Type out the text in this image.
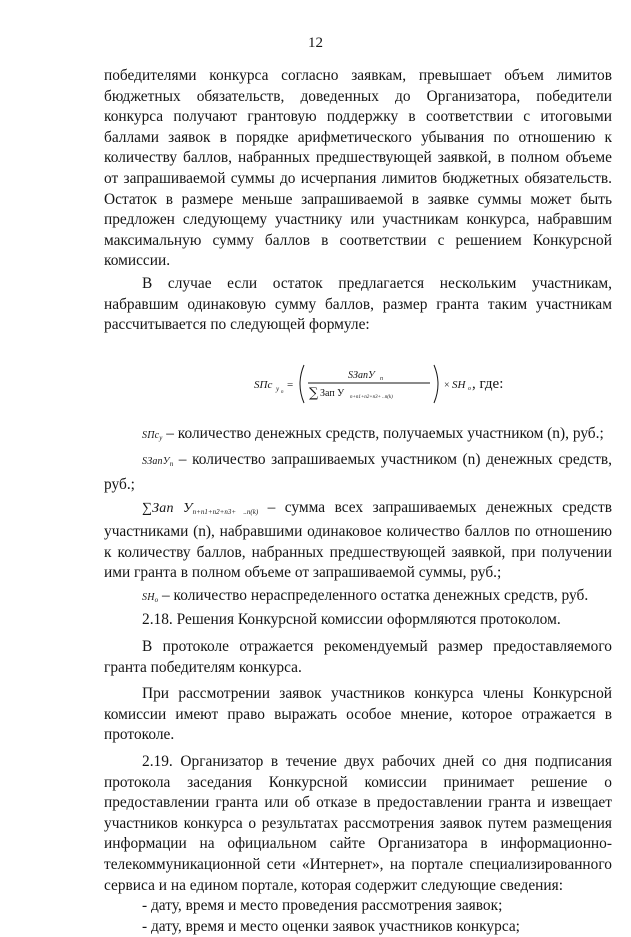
12

победителями конкурса согласно заявкам, превышает объем лимитов бюджетных обязательств, доведенных до Организатора, победители конкурса получают грантовую поддержку в соответствии с итоговыми баллами заявок в порядке арифметического убывания по отношению к количеству баллов, набранных предшествующей заявкой, в полном объеме от запрашиваемой суммы до исчерпания лимитов бюджетных обязательств. Остаток в размере меньше запрашиваемой в заявке суммы может быть предложен следующему участнику или участникам конкурса, набравшим максимальную сумму баллов в соответствии с решением Конкурсной комиссии.

В случае если остаток предлагается нескольким участникам, набравшим одинаковую сумму баллов, размер гранта таким участникам рассчитывается по следующей формуле:

SПс у n
=
SЗапУ n
∑ Зап У n+n1+n2+n3+ ..n(k)
× SН о , где:

SПс$_у$ – количество денежных средств, получаемых участником (n), руб.;

SЗапУ$_n$ – количество запрашиваемых участником (n) денежных средств, руб.;

∑Зап $У_{n+n1+n2+n3+ ..n(k)}$ – сумма всех запрашиваемых денежных средств участниками (n), набравшими одинаковое количество баллов по отношению к количеству баллов, набранных предшествующей заявкой, при получении ими гранта в полном объеме от запрашиваемой суммы, руб.;

$SН_о$ – количество нераспределенного остатка денежных средств, руб.

2.18. Решения Конкурсной комиссии оформляются протоколом.

В протоколе отражается рекомендуемый размер предоставляемого гранта победителям конкурса.

При рассмотрении заявок участников конкурса члены Конкурсной комиссии имеют право выражать особое мнение, которое отражается в протоколе.

2.19. Организатор в течение двух рабочих дней со дня подписания протокола заседания Конкурсной комиссии принимает решение о предоставлении гранта или об отказе в предоставлении гранта и извещает участников конкурса о результатах рассмотрения заявок путем размещения информации на официальном сайте Организатора в информационно-телекоммуникационной сети «Интернет», на портале специализированного сервиса и на едином портале, которая содержит следующие сведения:

- дату, время и место проведения рассмотрения заявок;

- дату, время и место оценки заявок участников конкурса;
